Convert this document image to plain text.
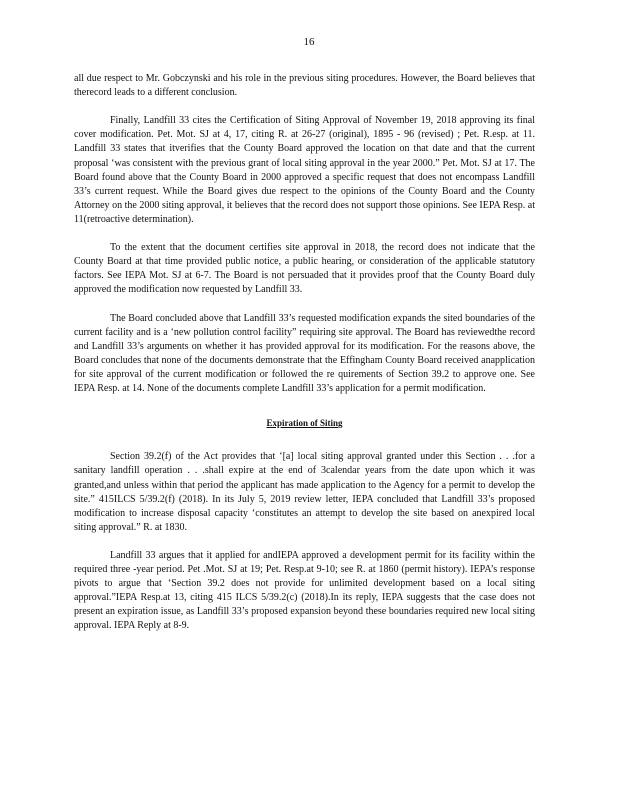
16

all due respect to Mr. Gobczynski and his role in the previous siting procedures. However, the Board believes that therecord leads to a different conclusion.

Finally, Landfill 33 cites the Certification of Siting Approval of November 19, 2018 approving its final cover modification. Pet. Mot. SJ at 4, 17, citing R. at 26-27 (original), 1895 - 96 (revised) ; Pet. R.esp. at 11. Landfill 33 states that itverifies that the County Board approved the location on that date and that the current proposal ‘was consistent with the previous grant of local siting approval in the year 2000.” Pet. Mot. SJ at 17. The Board found above that the County Board in 2000 approved a specific request that does not encompass Landfill 33’s current request. While the Board gives due respect to the opinions of the County Board and the County Attorney on the 2000 siting approval, it believes that the record does not support those opinions. See IEPA Resp. at 11(retroactive determination).

To the extent that the document certifies site approval in 2018, the record does not indicate that the County Board at that time provided public notice, a public hearing, or consideration of the applicable statutory factors. See IEPA Mot. SJ at 6-7. The Board is not persuaded that it provides proof that the County Board duly approved the modification now requested by Landfill 33.

The Board concluded above that Landfill 33’s requested modification expands the sited boundaries of the current facility and is a ‘new pollution control facility” requiring site approval. The Board has reviewedthe record and Landfill 33’s arguments on whether it has provided approval for its modification. For the reasons above, the Board concludes that none of the documents demonstrate that the Effingham County Board received anapplication for site approval of the current modification or followed the re quirements of Section 39.2 to approve one. See IEPA Resp. at 14. None of the documents complete Landfill 33’s application for a permit modification.

Expiration of Siting

Section 39.2(f) of the Act provides that ‘[a] local siting approval granted under this Section . . .for a sanitary landfill operation . . .shall expire at the end of 3calendar years from the date upon which it was granted,and unless within that period the applicant has made application to the Agency for a permit to develop the site.” 415ILCS 5/39.2(f) (2018). In its July 5, 2019 review letter, IEPA concluded that Landfill 33’s proposed modification to increase disposal capacity ‘constitutes an attempt to develop the site based on anexpired local siting approval.” R. at 1830.

Landfill 33 argues that it applied for andIEPA approved a development permit for its facility within the required three -year period. Pet .Mot. SJ at 19; Pet. Resp.at 9-10; see R. at 1860 (permit history). IEPA’s response pivots to argue that ‘Section 39.2 does not provide for unlimited development based on a local siting approval.”IEPA Resp.at 13, citing 415 ILCS 5/39.2(c) (2018).In its reply, IEPA suggests that the case does not present an expiration issue, as Landfill 33’s proposed expansion beyond these boundaries required new local siting approval. IEPA Reply at 8-9.
